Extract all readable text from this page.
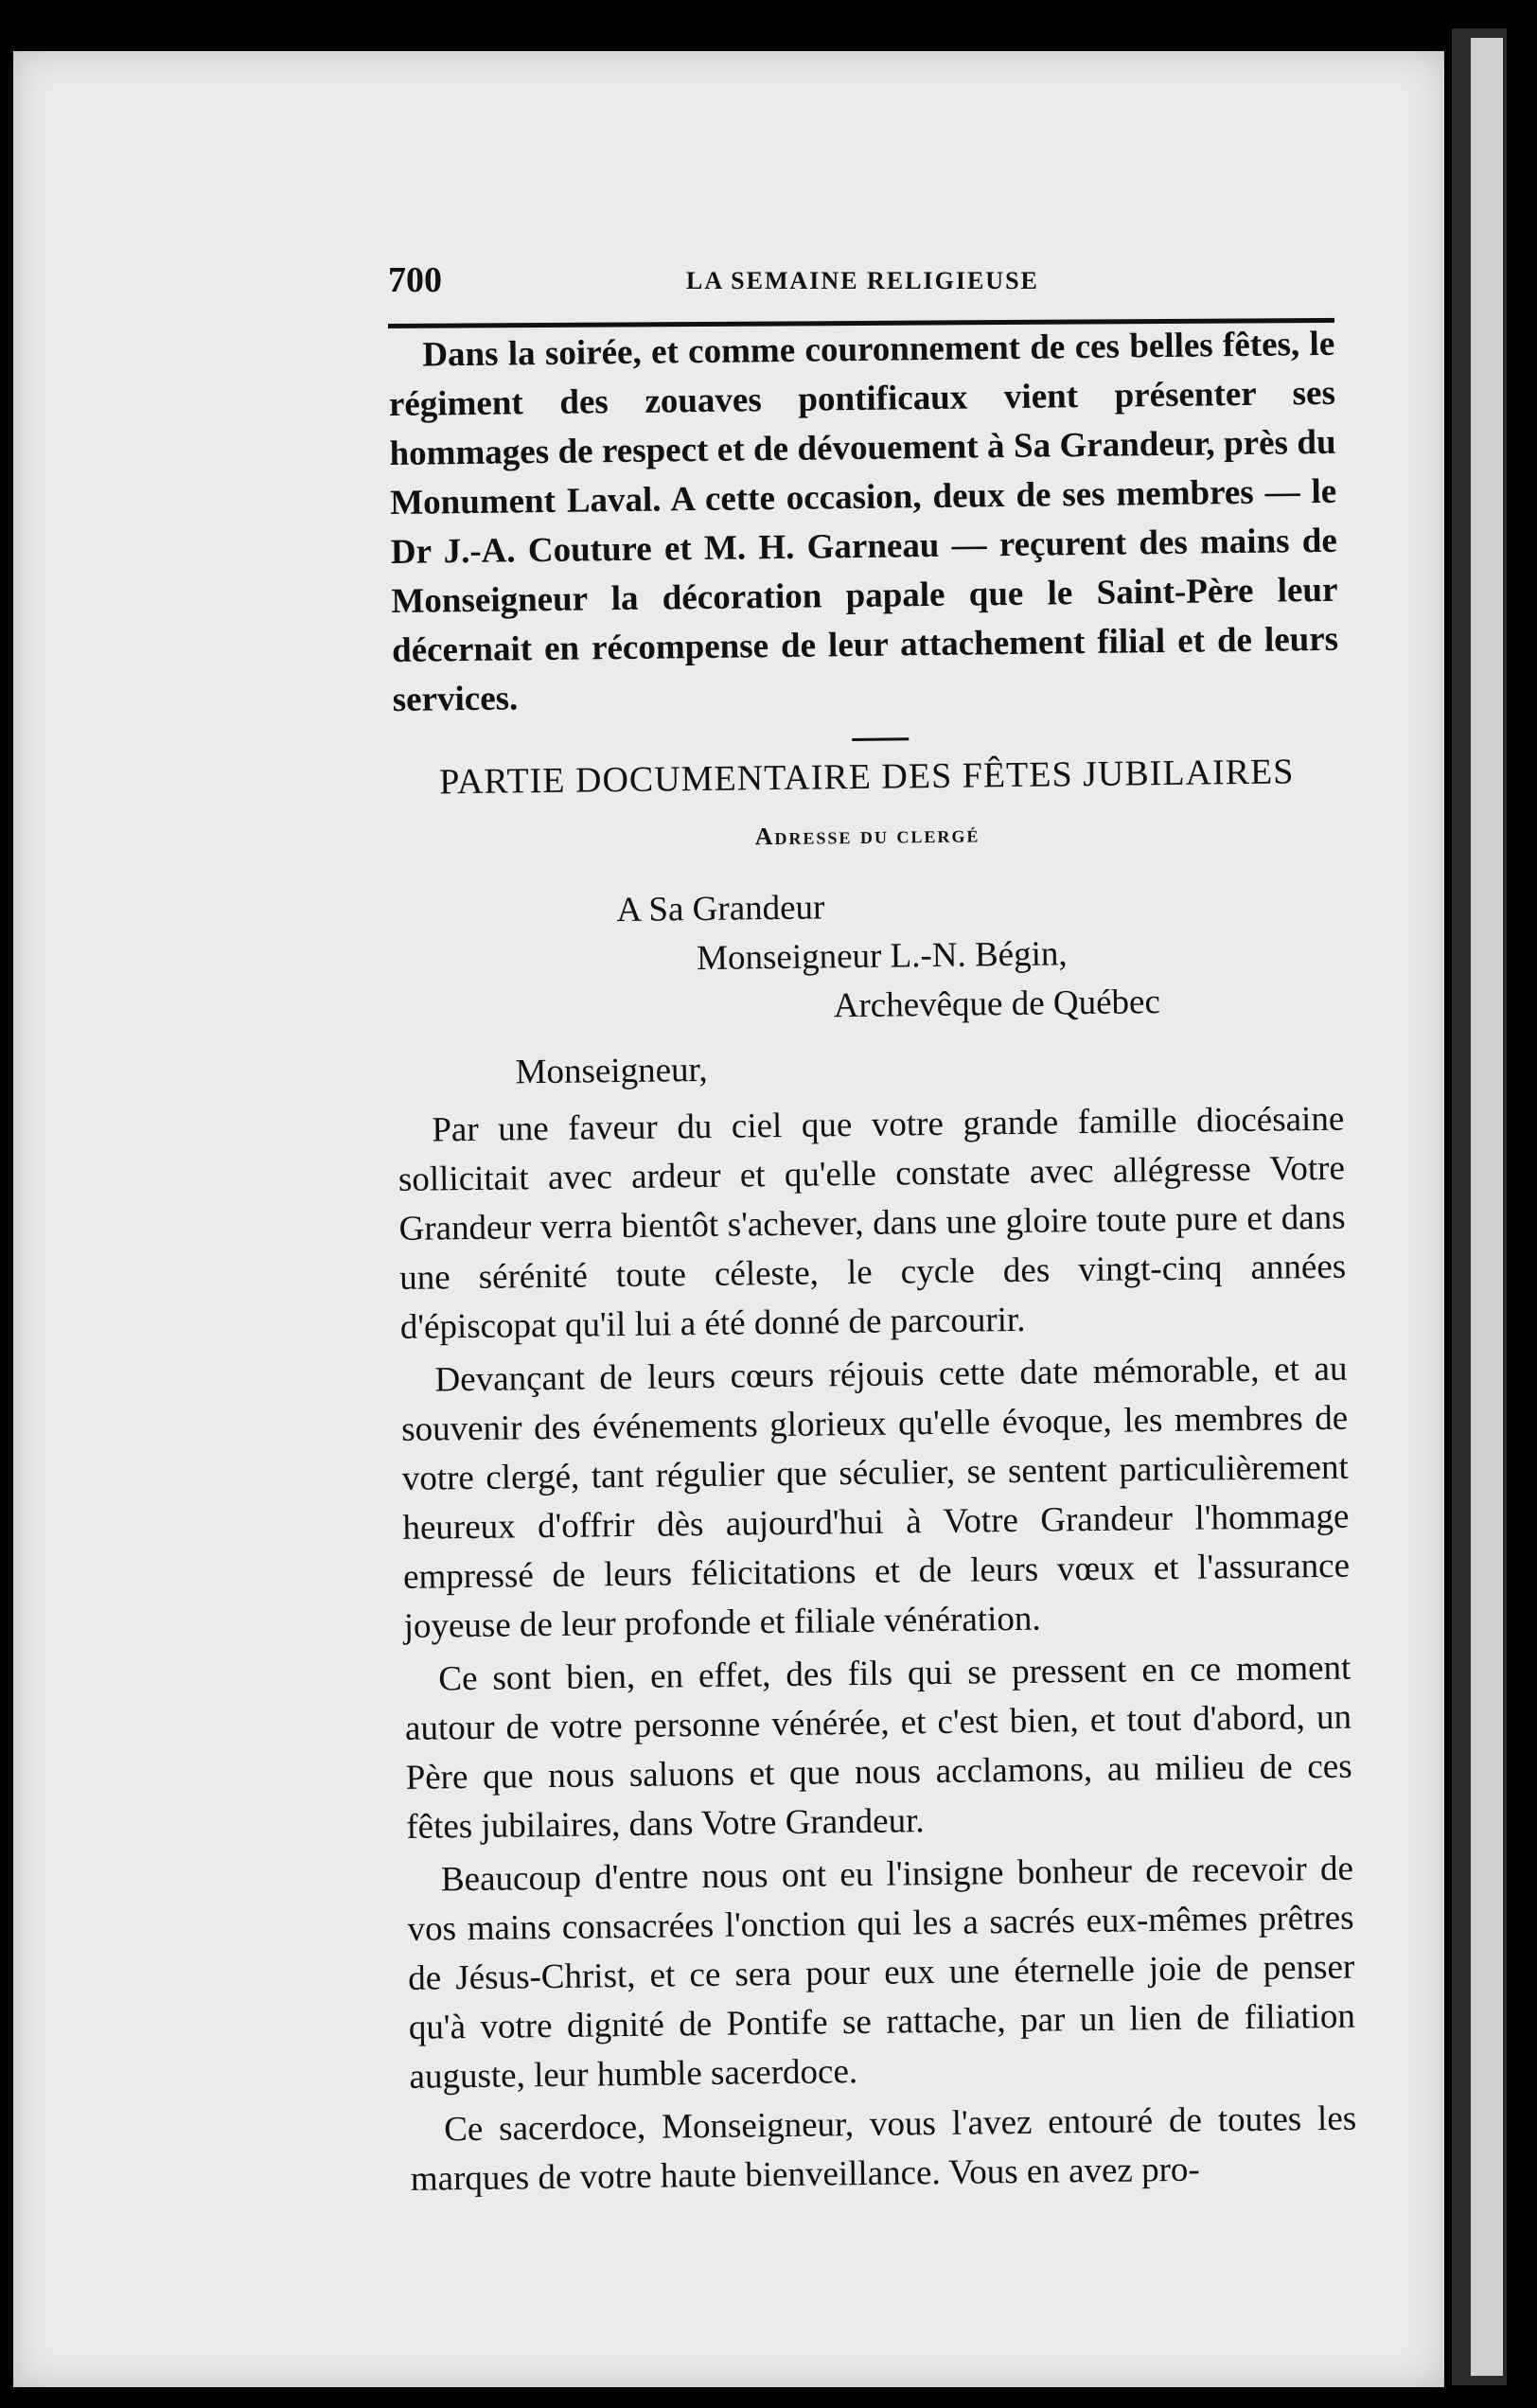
700	LA SEMAINE RELIGIEUSE

Dans la soirée, et comme couronnement de ces belles fêtes, le régiment des zouaves pontificaux vient présenter ses hommages de respect et de dévouement à Sa Grandeur, près du Monument Laval. A cette occasion, deux de ses membres — le Dr J.-A. Couture et M. H. Garneau — reçurent des mains de Monseigneur la décoration papale que le Saint-Père leur décernait en récompense de leur attachement filial et de leurs services.

PARTIE DOCUMENTAIRE DES FÊTES JUBILAIRES
Adresse du clergé
A Sa Grandeur
Monseigneur L.-N. Bégin,
Archevêque de Québec
Monseigneur,

Par une faveur du ciel que votre grande famille diocésaine sollicitait avec ardeur et qu'elle constate avec allégresse Votre Grandeur verra bientôt s'achever, dans une gloire toute pure et dans une sérénité toute céleste, le cycle des vingt-cinq années d'épiscopat qu'il lui a été donné de parcourir.

Devançant de leurs cœurs réjouis cette date mémorable, et au souvenir des événements glorieux qu'elle évoque, les membres de votre clergé, tant régulier que séculier, se sentent particulièrement heureux d'offrir dès aujourd'hui à Votre Grandeur l'hommage empressé de leurs félicitations et de leurs vœux et l'assurance joyeuse de leur profonde et filiale vénération.

Ce sont bien, en effet, des fils qui se pressent en ce moment autour de votre personne vénérée, et c'est bien, et tout d'abord, un Père que nous saluons et que nous acclamons, au milieu de ces fêtes jubilaires, dans Votre Grandeur.

Beaucoup d'entre nous ont eu l'insigne bonheur de recevoir de vos mains consacrées l'onction qui les a sacrés eux-mêmes prêtres de Jésus-Christ, et ce sera pour eux une éternelle joie de penser qu'à votre dignité de Pontife se rattache, par un lien de filiation auguste, leur humble sacerdoce.

Ce sacerdoce, Monseigneur, vous l'avez entouré de toutes les marques de votre haute bienveillance. Vous en avez pro-
